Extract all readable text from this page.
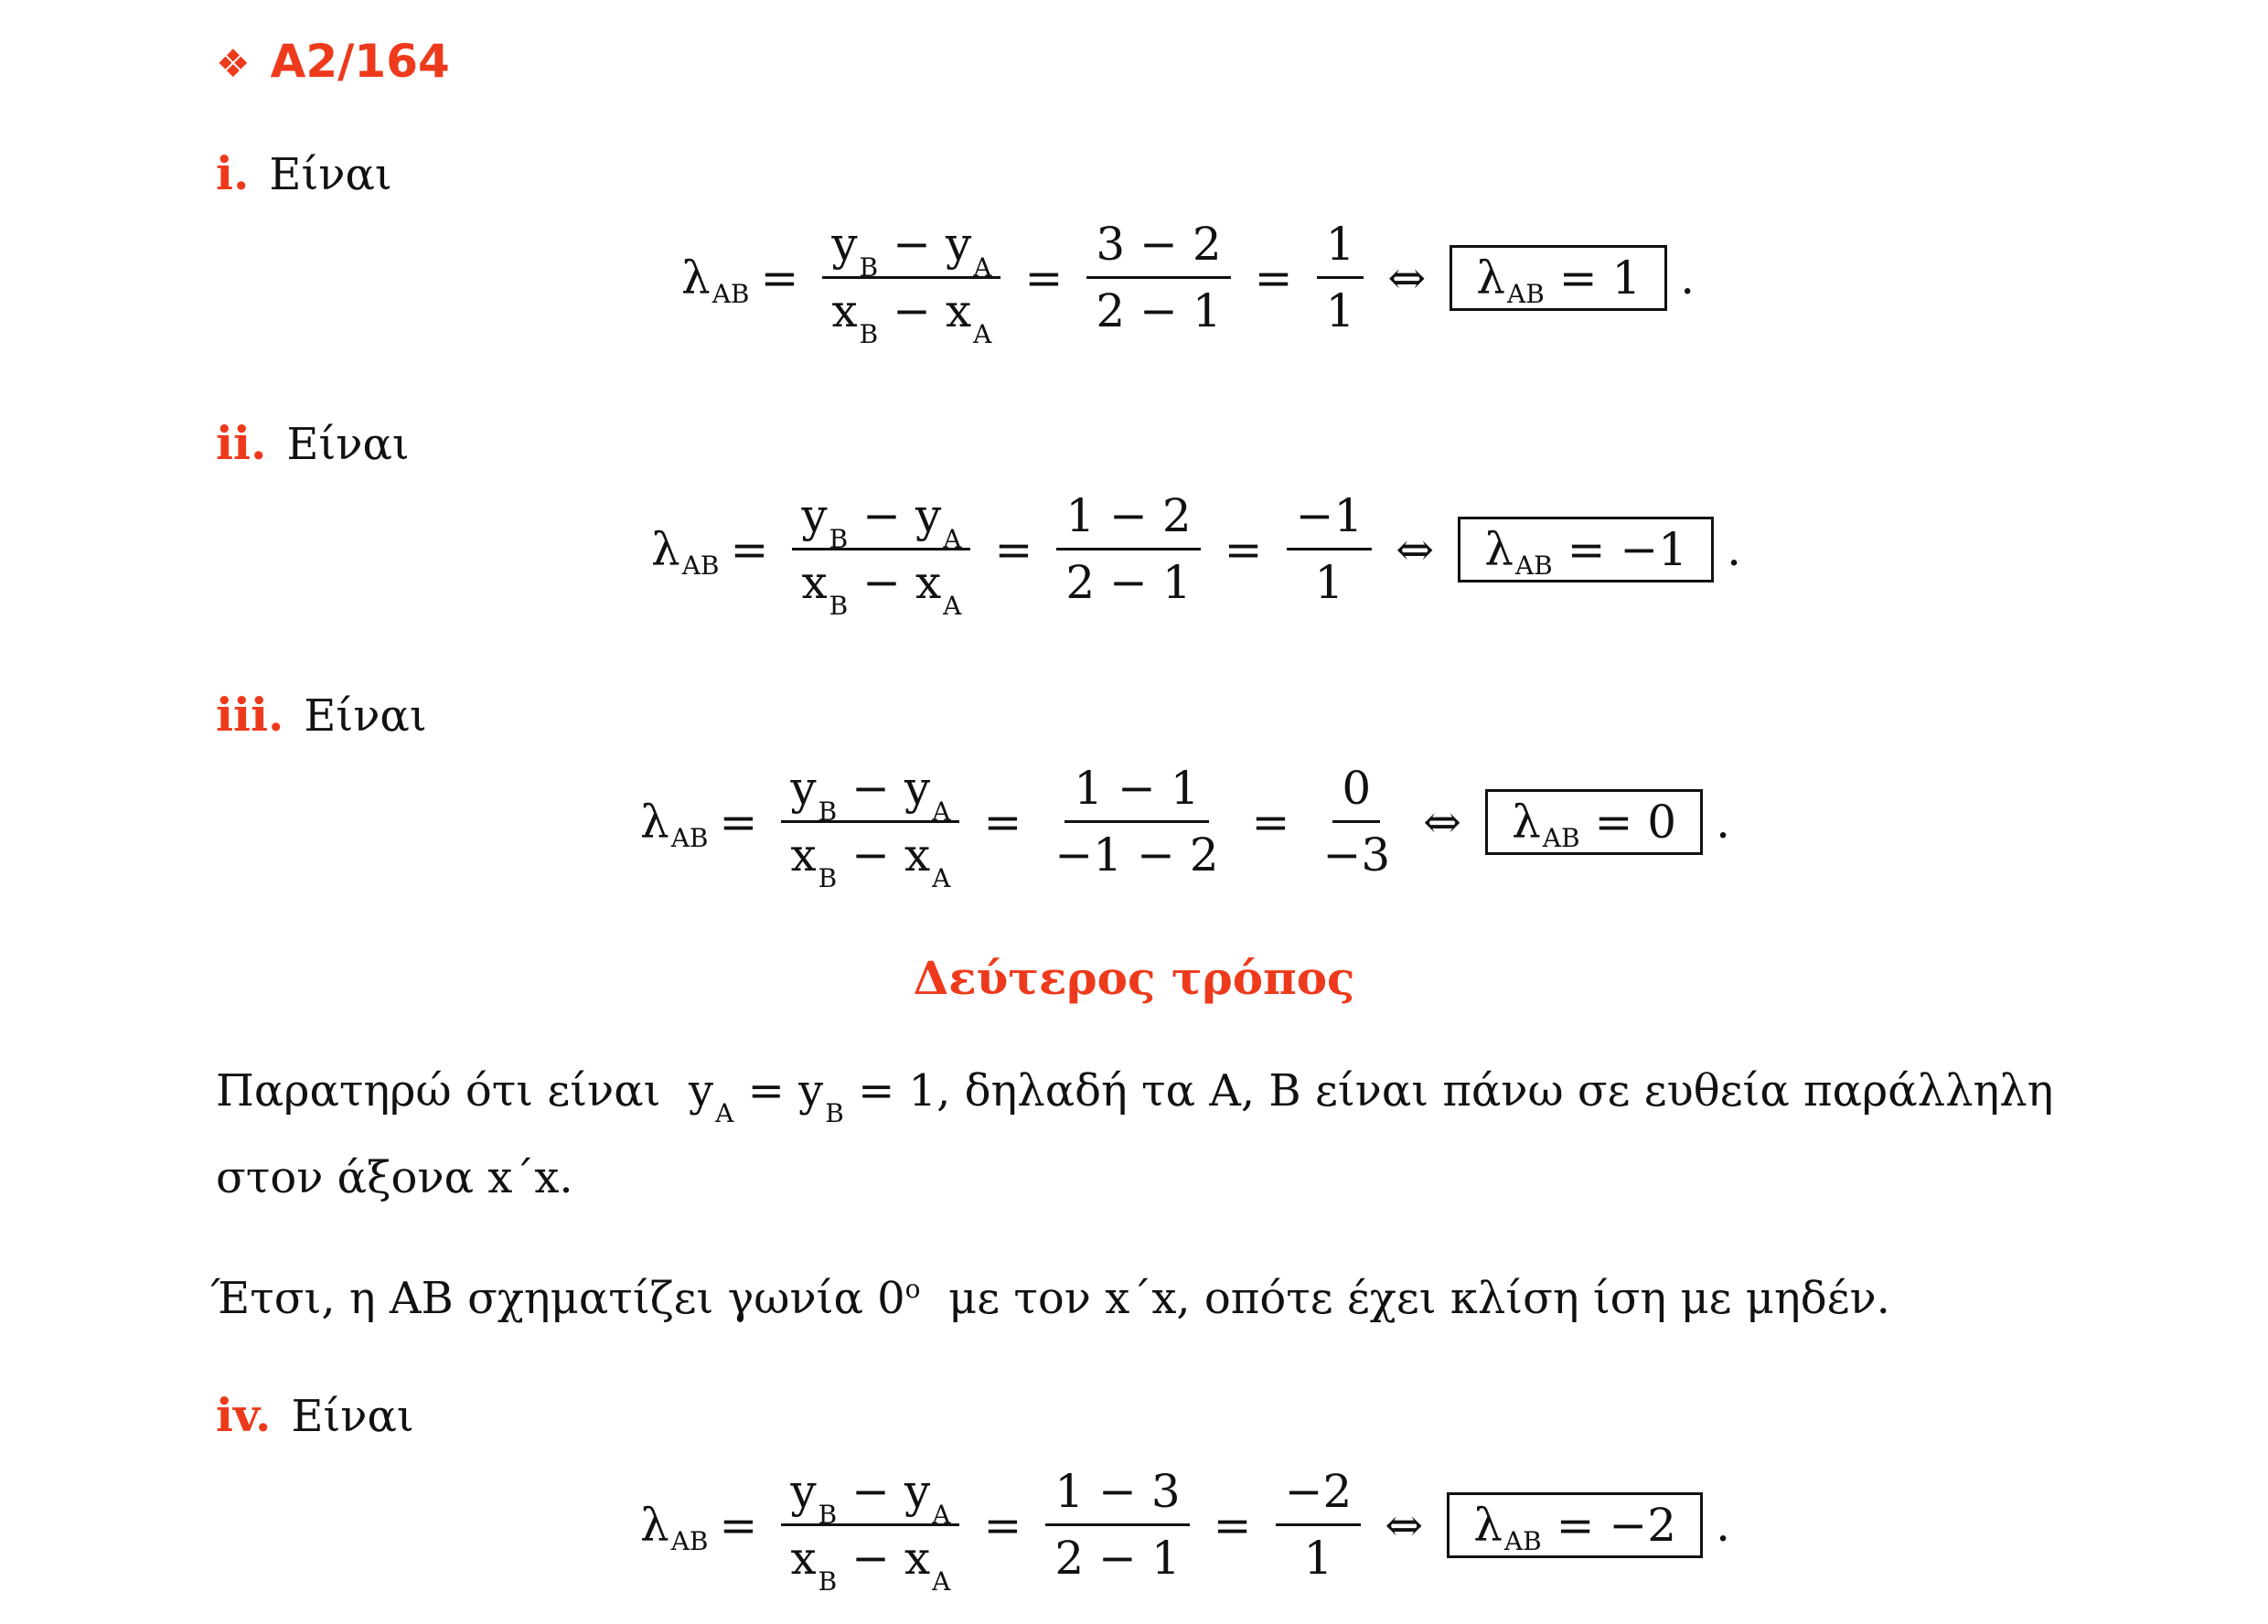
❖ A2/164
i. Είναι
λ AB = $\frac{y_B - y_A}{x_B - x_A} = \frac{3 - 2}{2 - 1} = \frac{1}{1}$ ⇔ λ AB
= 1 .
ii. Είναι
λ AB = $\frac{y_B - y_A}{x_B - x_A} = \frac{1 - 2}{2 - 1} = \frac{-1}{1}$ ⇔ λ AB
= −1 .
iii. Είναι
λ AB = $\frac{y_B - y_A}{x_B - x_A} = \frac{1 - 1}{-1 - 2} = \frac{0}{-3}$ ⇔ λ AB
= 0 .
Δεύτερος τρόπος
Παρατηρώ ότι είναι $y_A = y_B = 1$, δηλαδή τα A, B είναι πάνω σε ευθεία παράλληλη
στον άξονα x΄x.
Έτσι, η AB σχηματίζει γωνία 0$^o$ με τον x΄x, οπότε έχει κλίση ίση με μηδέν.
iv. Είναι
λ AB = $\frac{y_B - y_A}{x_B - x_A} = \frac{1 - 3}{2 - 1} = \frac{-2}{1}$ ⇔ λ AB
= −2 .
